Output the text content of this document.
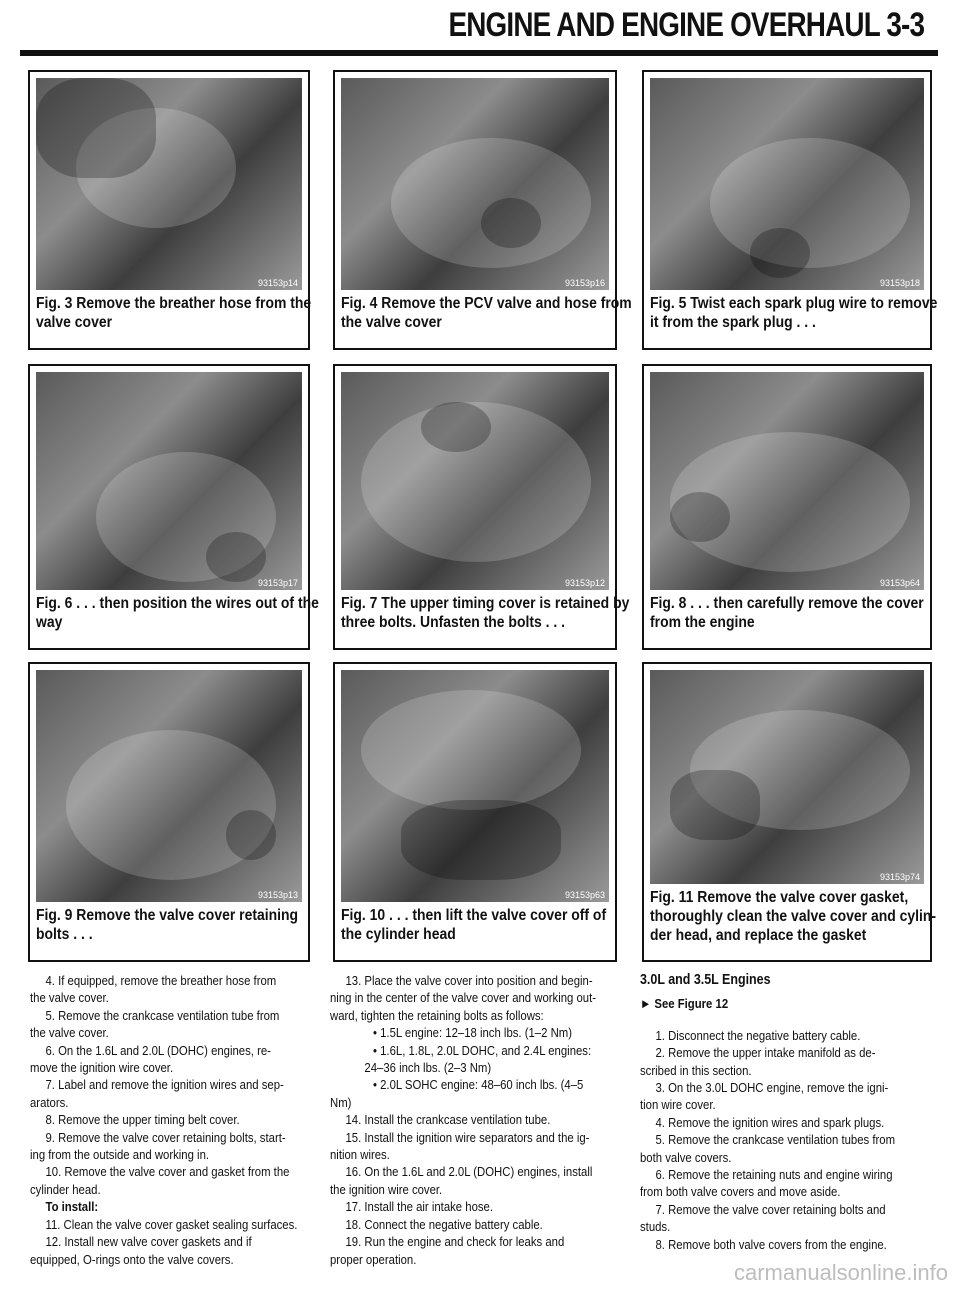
ENGINE AND ENGINE OVERHAUL 3-3
93153p14
Fig. 3 Remove the breather hose from the
valve cover
93153p16
Fig. 4 Remove the PCV valve and hose from
the valve cover
93153p18
Fig. 5 Twist each spark plug wire to remove
it from the spark plug . . .
93153p17
Fig. 6 . . . then position the wires out of the
way
93153p12
Fig. 7 The upper timing cover is retained by
three bolts. Unfasten the bolts . . .
93153p64
Fig. 8 . . . then carefully remove the cover
from the engine
93153p13
Fig. 9 Remove the valve cover retaining
bolts . . .
93153p63
Fig. 10 . . . then lift the valve cover off of
the cylinder head
93153p74
Fig. 11 Remove the valve cover gasket,
thoroughly clean the valve cover and cylin-
der head, and replace the gasket

4. If equipped, remove the breather hose from

the valve cover.

5. Remove the crankcase ventilation tube from

the valve cover.

6. On the 1.6L and 2.0L (DOHC) engines, re-

move the ignition wire cover.

7. Label and remove the ignition wires and sep-

arators.

8. Remove the upper timing belt cover.

9. Remove the valve cover retaining bolts, start-

ing from the outside and working in.

10. Remove the valve cover and gasket from the

cylinder head.

To install:

11. Clean the valve cover gasket sealing surfaces.

12. Install new valve cover gaskets and if

equipped, O-rings onto the valve covers.

13. Place the valve cover into position and begin-

ning in the center of the valve cover and working out-

ward, tighten the retaining bolts as follows:

• 1.5L engine: 12–18 inch lbs. (1–2 Nm)

• 1.6L, 1.8L, 2.0L DOHC, and 2.4L engines:

24–36 inch lbs. (2–3 Nm)

• 2.0L SOHC engine: 48–60 inch lbs. (4–5

Nm)

14. Install the crankcase ventilation tube.

15. Install the ignition wire separators and the ig-

nition wires.

16. On the 1.6L and 2.0L (DOHC) engines, install

the ignition wire cover.

17. Install the air intake hose.

18. Connect the negative battery cable.

19. Run the engine and check for leaks and

proper operation.

3.0L and 3.5L Engines

► See Figure 12

1. Disconnect the negative battery cable.

2. Remove the upper intake manifold as de-

scribed in this section.

3. On the 3.0L DOHC engine, remove the igni-

tion wire cover.

4. Remove the ignition wires and spark plugs.

5. Remove the crankcase ventilation tubes from

both valve covers.

6. Remove the retaining nuts and engine wiring

from both valve covers and move aside.

7. Remove the valve cover retaining bolts and

studs.

8. Remove both valve covers from the engine.

carmanualsonline.info
